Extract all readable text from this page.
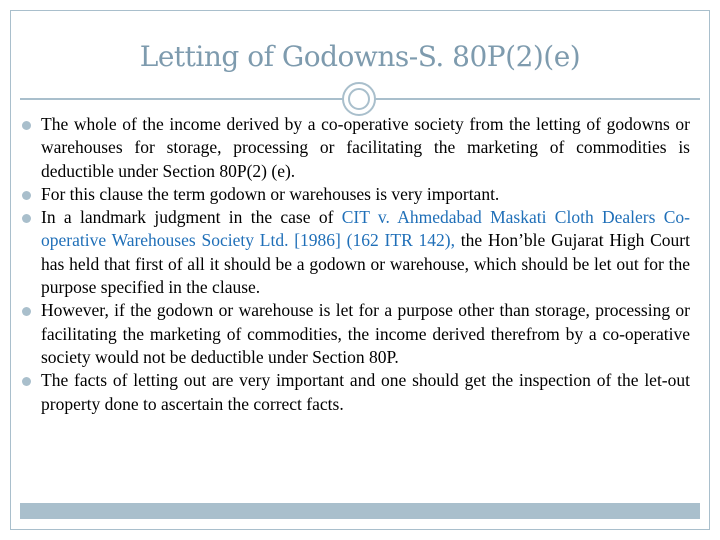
Letting of Godowns-S. 80P(2)(e)
The whole of the income derived by a co-operative society from the letting of godowns or warehouses for storage, processing or facilitating the marketing of commodities is deductible under Section 80P(2) (e).
For this clause the term godown or warehouses is very important.
In a landmark judgment in the case of CIT v. Ahmedabad Maskati Cloth Dealers Co-operative Warehouses Society Ltd. [1986] (162 ITR 142), the Hon’ble Gujarat High Court has held that first of all it should be a godown or warehouse, which should be let out for the purpose specified in the clause.
However, if the godown or warehouse is let for a purpose other than storage, processing or facilitating the marketing of commodities, the income derived therefrom by a co-operative society would not be deductible under Section 80P.
The facts of letting out are very important and one should get the inspection of the let-out property done to ascertain the correct facts.
